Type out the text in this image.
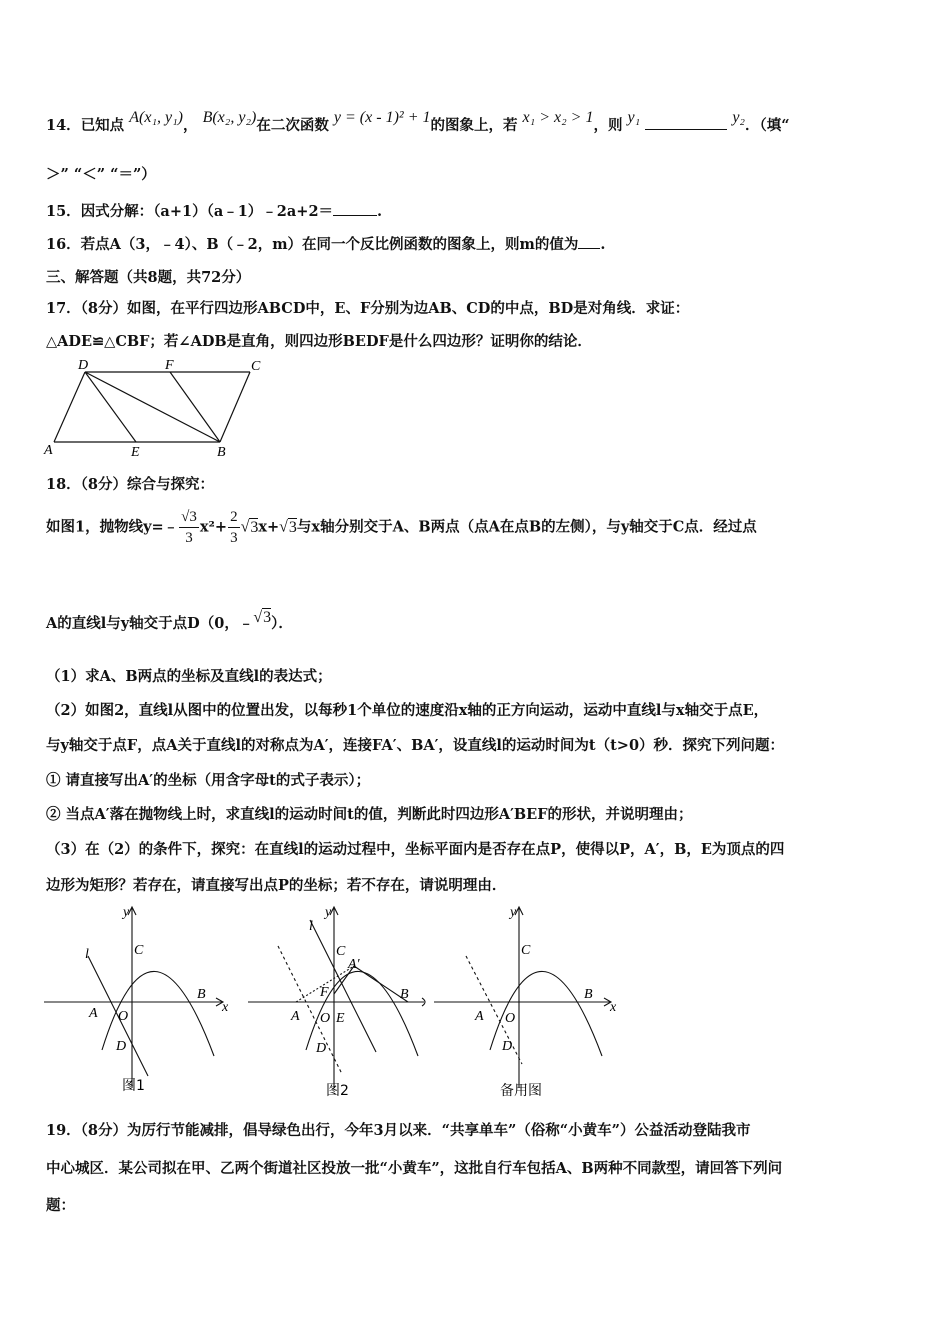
14．已知点 A(x₁, y₁)， B(x₂, y₂)在二次函数 y = (x - 1)² + 1的图象上，若 x₁ > x₂ > 1，则 y₁	y₂．（填“
＞” “＜” “＝”）
15．因式分解：（a+1）（a﹣1）﹣2a+2＝	.
16．若点A（3，﹣4）、B（﹣2，m）在同一个反比例函数的图象上，则m的值为 .
三、解答题（共8题，共72分）
17．（8分）如图，在平行四边形ABCD中，E、F分别为边AB、CD的中点，BD是对角线．求证：
△ADE≌△CBF；若∠ADB是直角，则四边形BEDF是什么四边形？证明你的结论．
D	F	C
A	E	B
18．（8分）综合与探究：
如图1，抛物线y=﹣ $\frac{√3}{3} x^2+ \frac{2}{3} √3x+√3$与x轴分别交于A、B两点（点A在点B的左侧），与y轴交于C点．经过点
A的直线l与y轴交于点D（0，﹣√3）．
（1）求A、B两点的坐标及直线l的表达式；
（2）如图2，直线l从图中的位置出发，以每秒1个单位的速度沿x轴的正方向运动，运动中直线l与x轴交于点E，
与y轴交于点F，点A关于直线l的对称点为A′，连接FA′、BA′，设直线l的运动时间为t（t>0）秒．探究下列问题：
① 请直接写出A′的坐标（用含字母t的式子表示）；
② 当点A′落在抛物线上时，求直线l的运动时间t的值，判断此时四边形A′BEF的形状，并说明理由；
（3）在（2）的条件下，探究：在直线l的运动过程中，坐标平面内是否存在点P，使得以P，A′，B，E为顶点的四
边形为矩形？若存在，请直接写出点P的坐标；若不存在，请说明理由．
y
x
l	C
B
A O
D
图1
y
l
C
A′
F	B
A O E
D
图2
y
x
C
B
A O
D
备用图
19．（8分）为厉行节能减排，倡导绿色出行，今年3月以来．“共享单车”（俗称“小黄车”）公益活动登陆我市
中心城区．某公司拟在甲、乙两个街道社区投放一批“小黄车”，这批自行车包括A、B两种不同款型，请回答下列问
题：
